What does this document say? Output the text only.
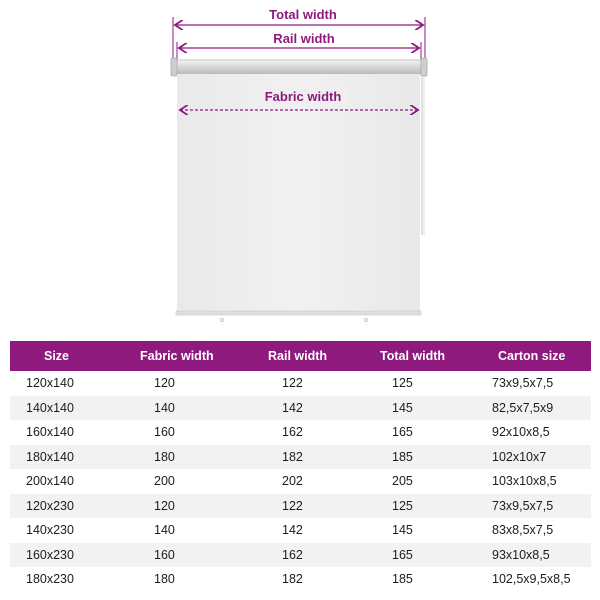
Total width
Rail width
Fabric width
Size	Fabric width	Rail width	Total width	Carton size
120x140	120	122	125	73x9,5x7,5
140x140	140	142	145	82,5x7,5x9
160x140	160	162	165	92x10x8,5
180x140	180	182	185	102x10x7
200x140	200	202	205	103x10x8,5
120x230	120	122	125	73x9,5x7,5
140x230	140	142	145	83x8,5x7,5
160x230	160	162	165	93x10x8,5
180x230	180	182	185	102,5x9,5x8,5
